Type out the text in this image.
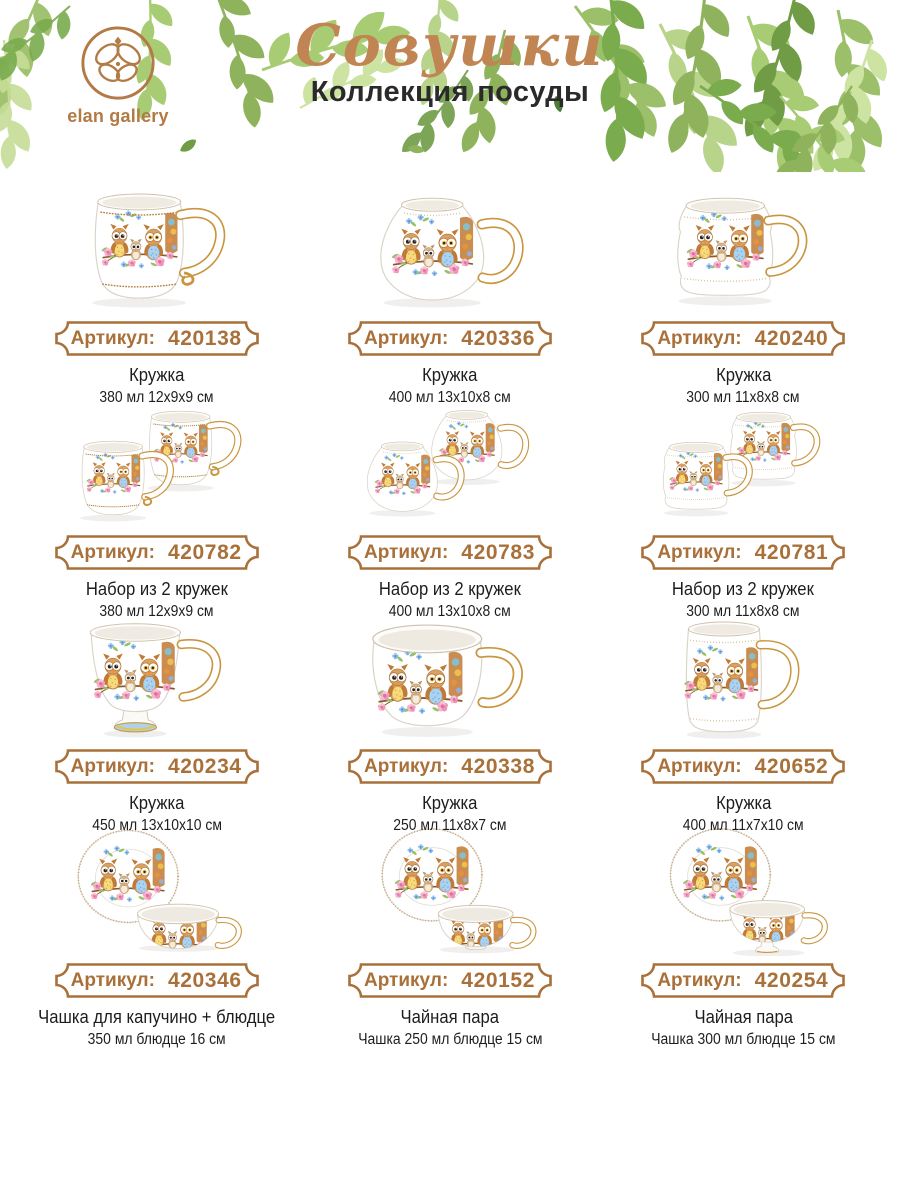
elan gallery
Совушки
Коллекция посуды
Артикул: 420138
Кружка
380 мл 12x9x9 см
Артикул: 420336
Кружка
400 мл 13x10x8 см
Артикул: 420240
Кружка
300 мл 11x8x8 см
Артикул: 420782
Набор из 2 кружек
380 мл 12x9x9 см
Артикул: 420783
Набор из 2 кружек
400 мл 13x10x8 см
Артикул: 420781
Набор из 2 кружек
300 мл 11x8x8 см
Артикул: 420234
Кружка
450 мл 13x10x10 см
Артикул: 420338
Кружка
250 мл 11x8x7 см
Артикул: 420652
Кружка
400 мл 11x7x10 см
Артикул: 420346
Чашка для капучино + блюдце
350 мл блюдце 16 см
Артикул: 420152
Чайная пара
Чашка 250 мл блюдце 15 см
Артикул: 420254
Чайная пара
Чашка 300 мл блюдце 15 см
